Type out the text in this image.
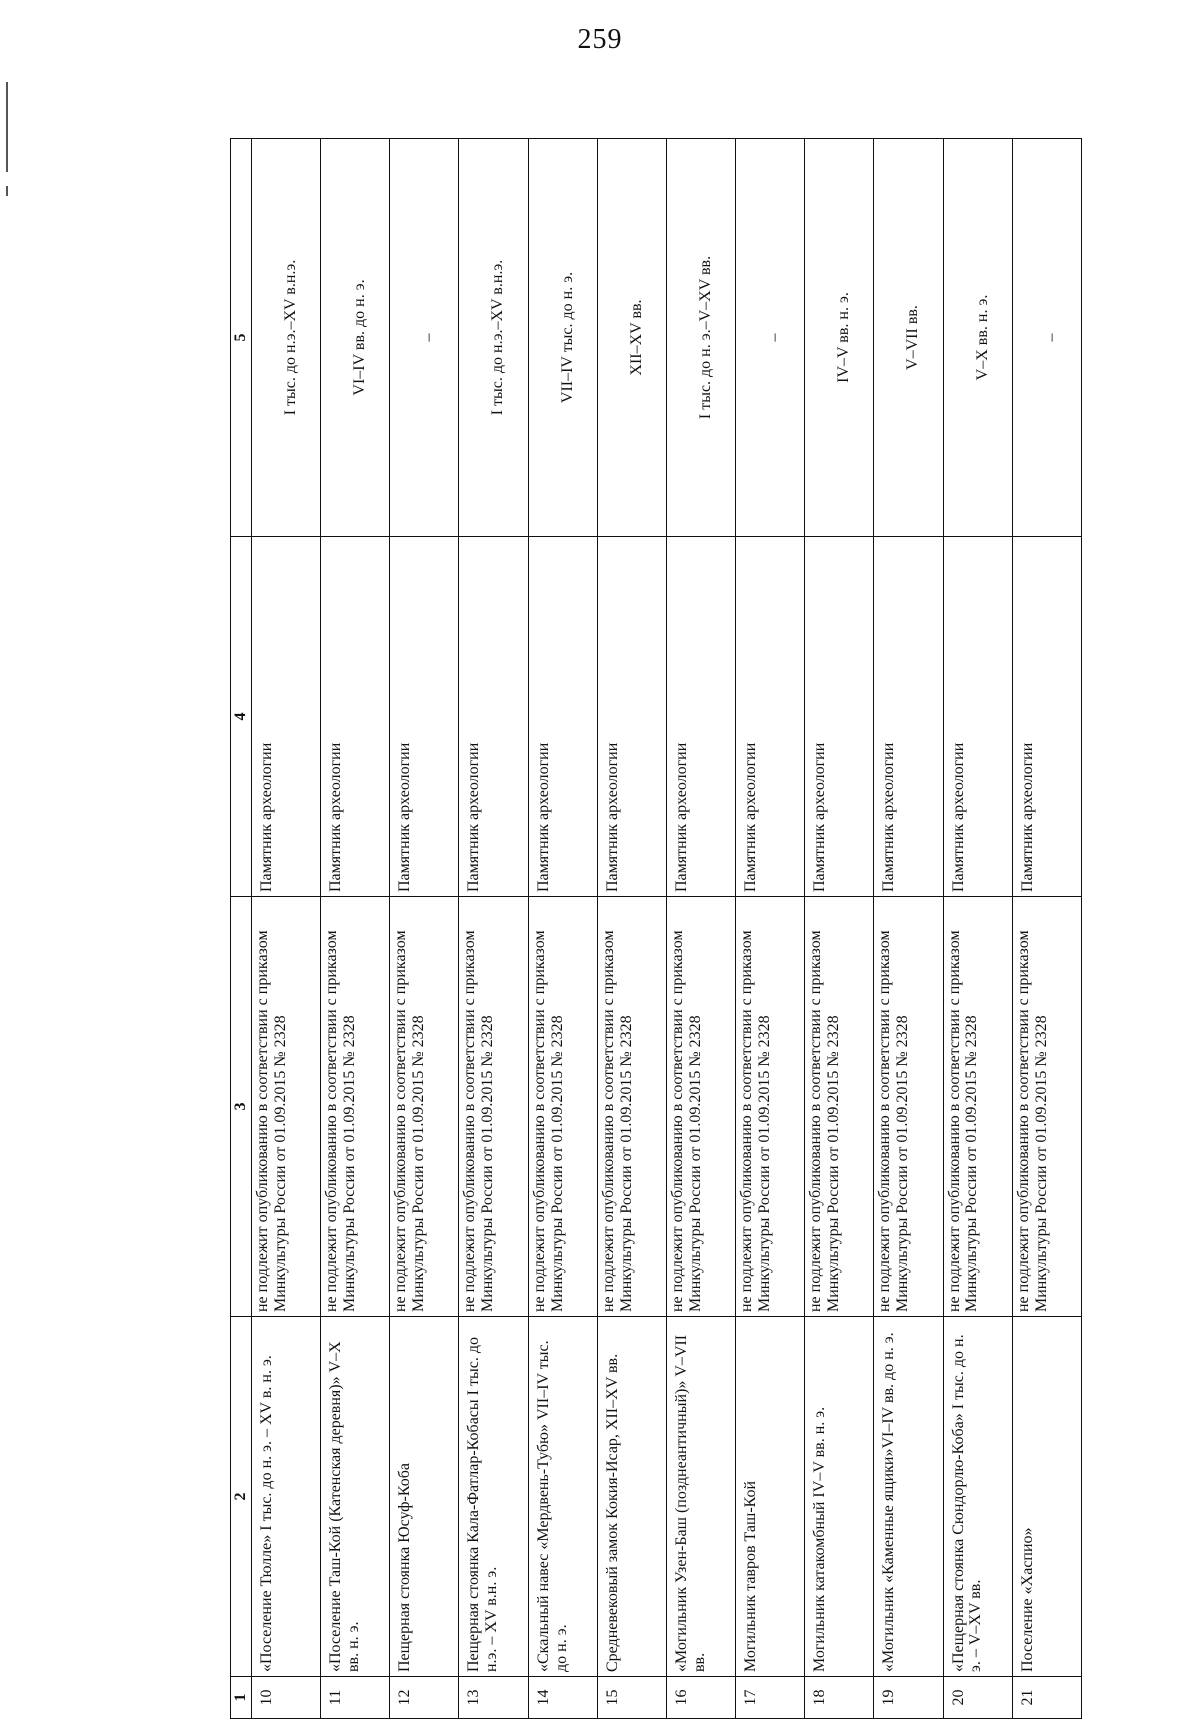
259
1	2	3	4	5
10	«Поселение Тюлле» I тыс. до н. э. – XV в. н. э.	не подлежит опубликованию в соответствии с приказом Минкультуры России от 01.09.2015 № 2328	Памятник археологии	I тыс. до н.э.–XV в.н.э.
11	«Поселение Таш-Кой (Катенская деревня)» V–X вв. н. э.	не подлежит опубликованию в соответствии с приказом Минкультуры России от 01.09.2015 № 2328	Памятник археологии	VI–IV вв. до н. э.
12	Пещерная стоянка Юсуф-Коба	не подлежит опубликованию в соответствии с приказом Минкультуры России от 01.09.2015 № 2328	Памятник археологии	–
13	Пещерная стоянка Кала-Фатлар-Кобасы I тыс. до н.э. – XV в.н. э.	не подлежит опубликованию в соответствии с приказом Минкультуры России от 01.09.2015 № 2328	Памятник археологии	I тыс. до н.э.–XV в.н.э.
14	«Скальный навес «Мердвень-Тубю» VII–IV тыс. до н. э.	не подлежит опубликованию в соответствии с приказом Минкультуры России от 01.09.2015 № 2328	Памятник археологии	VII–IV тыс. до н. э.
15	Средневековый замок Кокия-Исар, XII–XV вв.	не подлежит опубликованию в соответствии с приказом Минкультуры России от 01.09.2015 № 2328	Памятник археологии	XII–XV вв.
16	«Могильник Узен-Баш (позднеантичный)» V–VII вв.	не подлежит опубликованию в соответствии с приказом Минкультуры России от 01.09.2015 № 2328	Памятник археологии	I тыс. до н. э.–V–XV вв.
17	Могильник тавров Таш-Кой	не подлежит опубликованию в соответствии с приказом Минкультуры России от 01.09.2015 № 2328	Памятник археологии	–
18	Могильник катакомбный IV–V вв. н. э.	не подлежит опубликованию в соответствии с приказом Минкультуры России от 01.09.2015 № 2328	Памятник археологии	IV–V вв. н. э.
19	«Могильник «Каменные ящики»VI–IV вв. до н. э.	не подлежит опубликованию в соответствии с приказом Минкультуры России от 01.09.2015 № 2328	Памятник археологии	V–VII вв.
20	«Пещерная стоянка Сюндорлю-Коба» I тыс. до н. э. – V–XV вв.	не подлежит опубликованию в соответствии с приказом Минкультуры России от 01.09.2015 № 2328	Памятник археологии	V–X вв. н. э.
21	Поселение «Хаспио»	не подлежит опубликованию в соответствии с приказом Минкультуры России от 01.09.2015 № 2328	Памятник археологии	–
